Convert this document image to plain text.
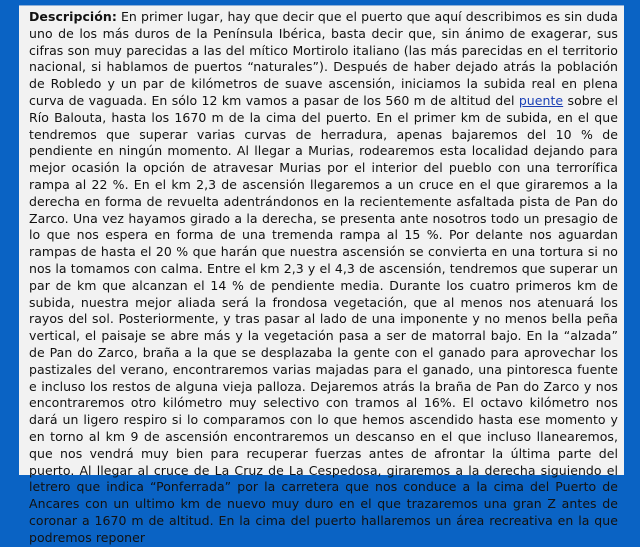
Descripción: En primer lugar, hay que decir que el puerto que aquí describimos es sin duda uno de los más duros de la Península Ibérica, basta decir que, sin ánimo de exagerar, sus cifras son muy parecidas a las del mítico Mortirolo italiano (las más parecidas en el territorio nacional, si hablamos de puertos “naturales”). Después de haber dejado atrás la población de Robledo y un par de kilómetros de suave ascensión, iniciamos la subida real en plena curva de vaguada. En sólo 12 km vamos a pasar de los 560 m de altitud del puente sobre el Río Balouta, hasta los 1670 m de la cima del puerto. En el primer km de subida, en el que tendremos que superar varias curvas de herradura, apenas bajaremos del 10 % de pendiente en ningún momento. Al llegar a Murias, rodearemos esta localidad dejando para mejor ocasión la opción de atravesar Murias por el interior del pueblo con una terrorífica rampa al 22 %. En el km 2,3 de ascensión llegaremos a un cruce en el que giraremos a la derecha en forma de revuelta adentrándonos en la recientemente asfaltada pista de Pan do Zarco. Una vez hayamos girado a la derecha, se presenta ante nosotros todo un presagio de lo que nos espera en forma de una tremenda rampa al 15 %. Por delante nos aguardan rampas de hasta el 20 % que harán que nuestra ascensión se convierta en una tortura si no nos la tomamos con calma. Entre el km 2,3 y el 4,3 de ascensión, tendremos que superar un par de km que alcanzan el 14 % de pendiente media. Durante los cuatro primeros km de subida, nuestra mejor aliada será la frondosa vegetación, que al menos nos atenuará los rayos del sol. Posteriormente, y tras pasar al lado de una imponente y no menos bella peña vertical, el paisaje se abre más y la vegetación pasa a ser de matorral bajo. En la “alzada” de Pan do Zarco, braña a la que se desplazaba la gente con el ganado para aprovechar los pastizales del verano, encontraremos varias majadas para el ganado, una pintoresca fuente e incluso los restos de alguna vieja palloza. Dejaremos atrás la braña de Pan do Zarco y nos encontraremos otro kilómetro muy selectivo con tramos al 16%. El octavo kilómetro nos dará un ligero respiro si lo comparamos con lo que hemos ascendido hasta ese momento y en torno al km 9 de ascensión encontraremos un descanso en el que incluso llanearemos, que nos vendrá muy bien para recuperar fuerzas antes de afrontar la última parte del puerto. Al llegar al cruce de La Cruz de La Cespedosa, giraremos a la derecha siguiendo el letrero que indica “Ponferrada” por la carretera que nos conduce a la cima del Puerto de Ancares con un ultimo km de nuevo muy duro en el que trazaremos una gran Z antes de coronar a 1670 m de altitud. En la cima del puerto hallaremos un área recreativa en la que podremos reponer
